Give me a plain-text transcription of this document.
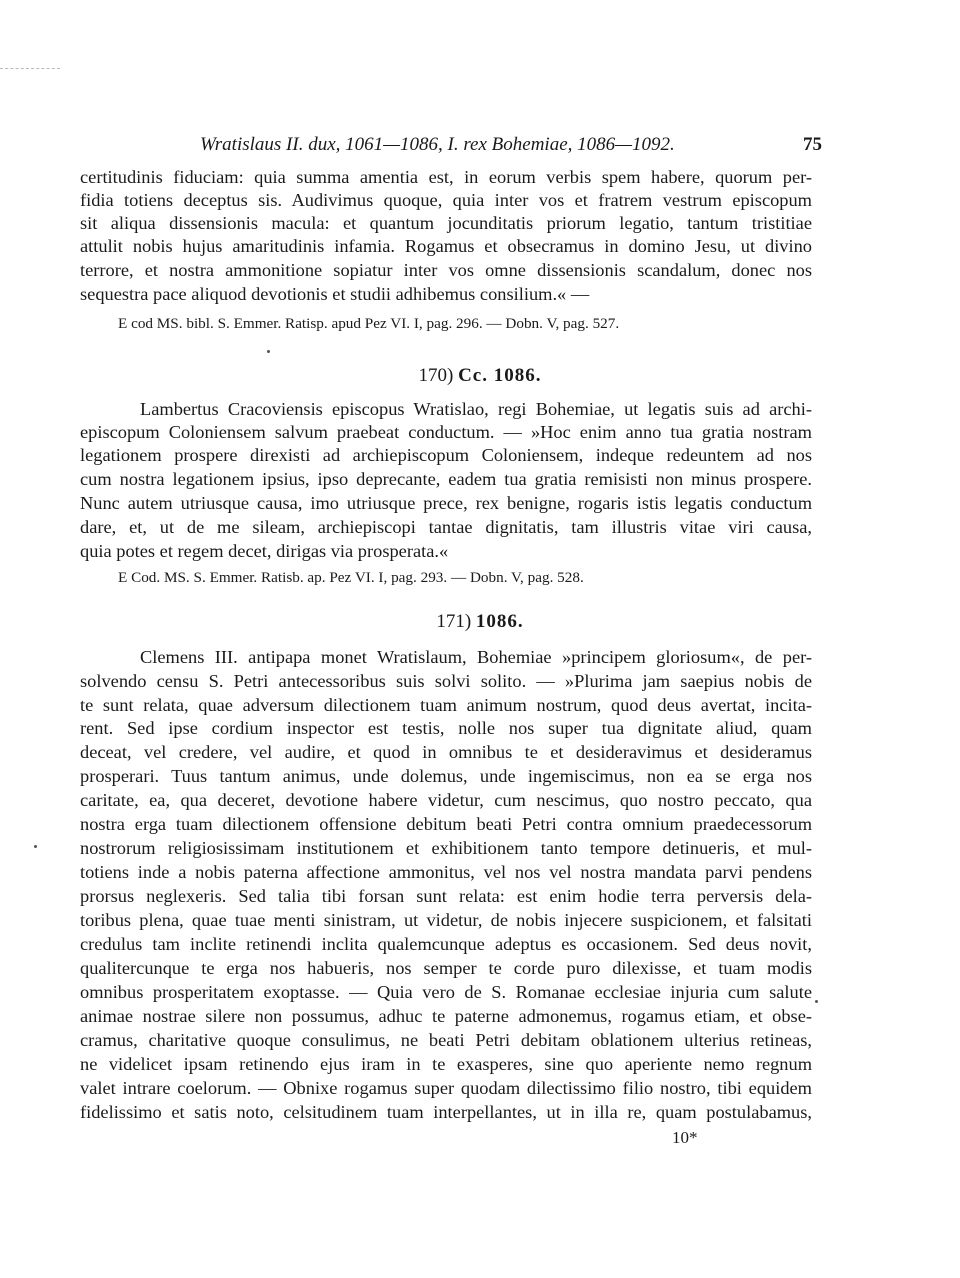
Wratislaus II. dux, 1061—1086, I. rex Bohemiae, 1086—1092.	75
certitudinis fiduciam: quia summa amentia est, in eorum verbis spem habere, quorum per-
fidia totiens deceptus sis. Audivimus quoque, quia inter vos et fratrem vestrum episcopum
sit aliqua dissensionis macula: et quantum jocunditatis priorum legatio, tantum tristitiae
attulit nobis hujus amaritudinis infamia. Rogamus et obsecramus in domino Jesu, ut divino
terrore, et nostra ammonitione sopiatur inter vos omne dissensionis scandalum, donec nos
sequestra pace aliquod devotionis et studii adhibemus consilium.« —
E cod MS. bibl. S. Emmer. Ratisp. apud Pez VI. I, pag. 296. — Dobn. V, pag. 527.
170) Cc. 1086.
Lambertus Cracoviensis episcopus Wratislao, regi Bohemiae, ut legatis suis ad archi-
episcopum Coloniensem salvum praebeat conductum. — »Hoc enim anno tua gratia nostram
legationem prospere direxisti ad archiepiscopum Coloniensem, indeque redeuntem ad nos
cum nostra legationem ipsius, ipso deprecante, eadem tua gratia remisisti non minus prospere.
Nunc autem utriusque causa, imo utriusque prece, rex benigne, rogaris istis legatis conductum
dare, et, ut de me sileam, archiepiscopi tantae dignitatis, tam illustris vitae viri causa,
quia potes et regem decet, dirigas via prosperata.«
E Cod. MS. S. Emmer. Ratisb. ap. Pez VI. I, pag. 293. — Dobn. V, pag. 528.
171) 1086.
Clemens III. antipapa monet Wratislaum, Bohemiae »principem gloriosum«, de per-
solvendo censu S. Petri antecessoribus suis solvi solito. — »Plurima jam saepius nobis de
te sunt relata, quae adversum dilectionem tuam animum nostrum, quod deus avertat, incita-
rent. Sed ipse cordium inspector est testis, nolle nos super tua dignitate aliud, quam
deceat, vel credere, vel audire, et quod in omnibus te et desideravimus et desideramus
prosperari. Tuus tantum animus, unde dolemus, unde ingemiscimus, non ea se erga nos
caritate, ea, qua deceret, devotione habere videtur, cum nescimus, quo nostro peccato, qua
nostra erga tuam dilectionem offensione debitum beati Petri contra omnium praedecessorum
nostrorum religiosissimam institutionem et exhibitionem tanto tempore detinueris, et mul-
totiens inde a nobis paterna affectione ammonitus, vel nos vel nostra mandata parvi pendens
prorsus neglexeris. Sed talia tibi forsan sunt relata: est enim hodie terra perversis dela-
toribus plena, quae tuae menti sinistram, ut videtur, de nobis injecere suspicionem, et falsitati
credulus tam inclite retinendi inclita qualemcunque adeptus es occasionem. Sed deus novit,
qualitercunque te erga nos habueris, nos semper te corde puro dilexisse, et tuam modis
omnibus prosperitatem exoptasse. — Quia vero de S. Romanae ecclesiae injuria cum salute
animae nostrae silere non possumus, adhuc te paterne admonemus, rogamus etiam, et obse-
cramus, charitative quoque consulimus, ne beati Petri debitam oblationem ulterius retineas,
ne videlicet ipsam retinendo ejus iram in te exasperes, sine quo aperiente nemo regnum
valet intrare coelorum. — Obnixe rogamus super quodam dilectissimo filio nostro, tibi equidem
fidelissimo et satis noto, celsitudinem tuam interpellantes, ut in illa re, quam postulabamus,
10*
